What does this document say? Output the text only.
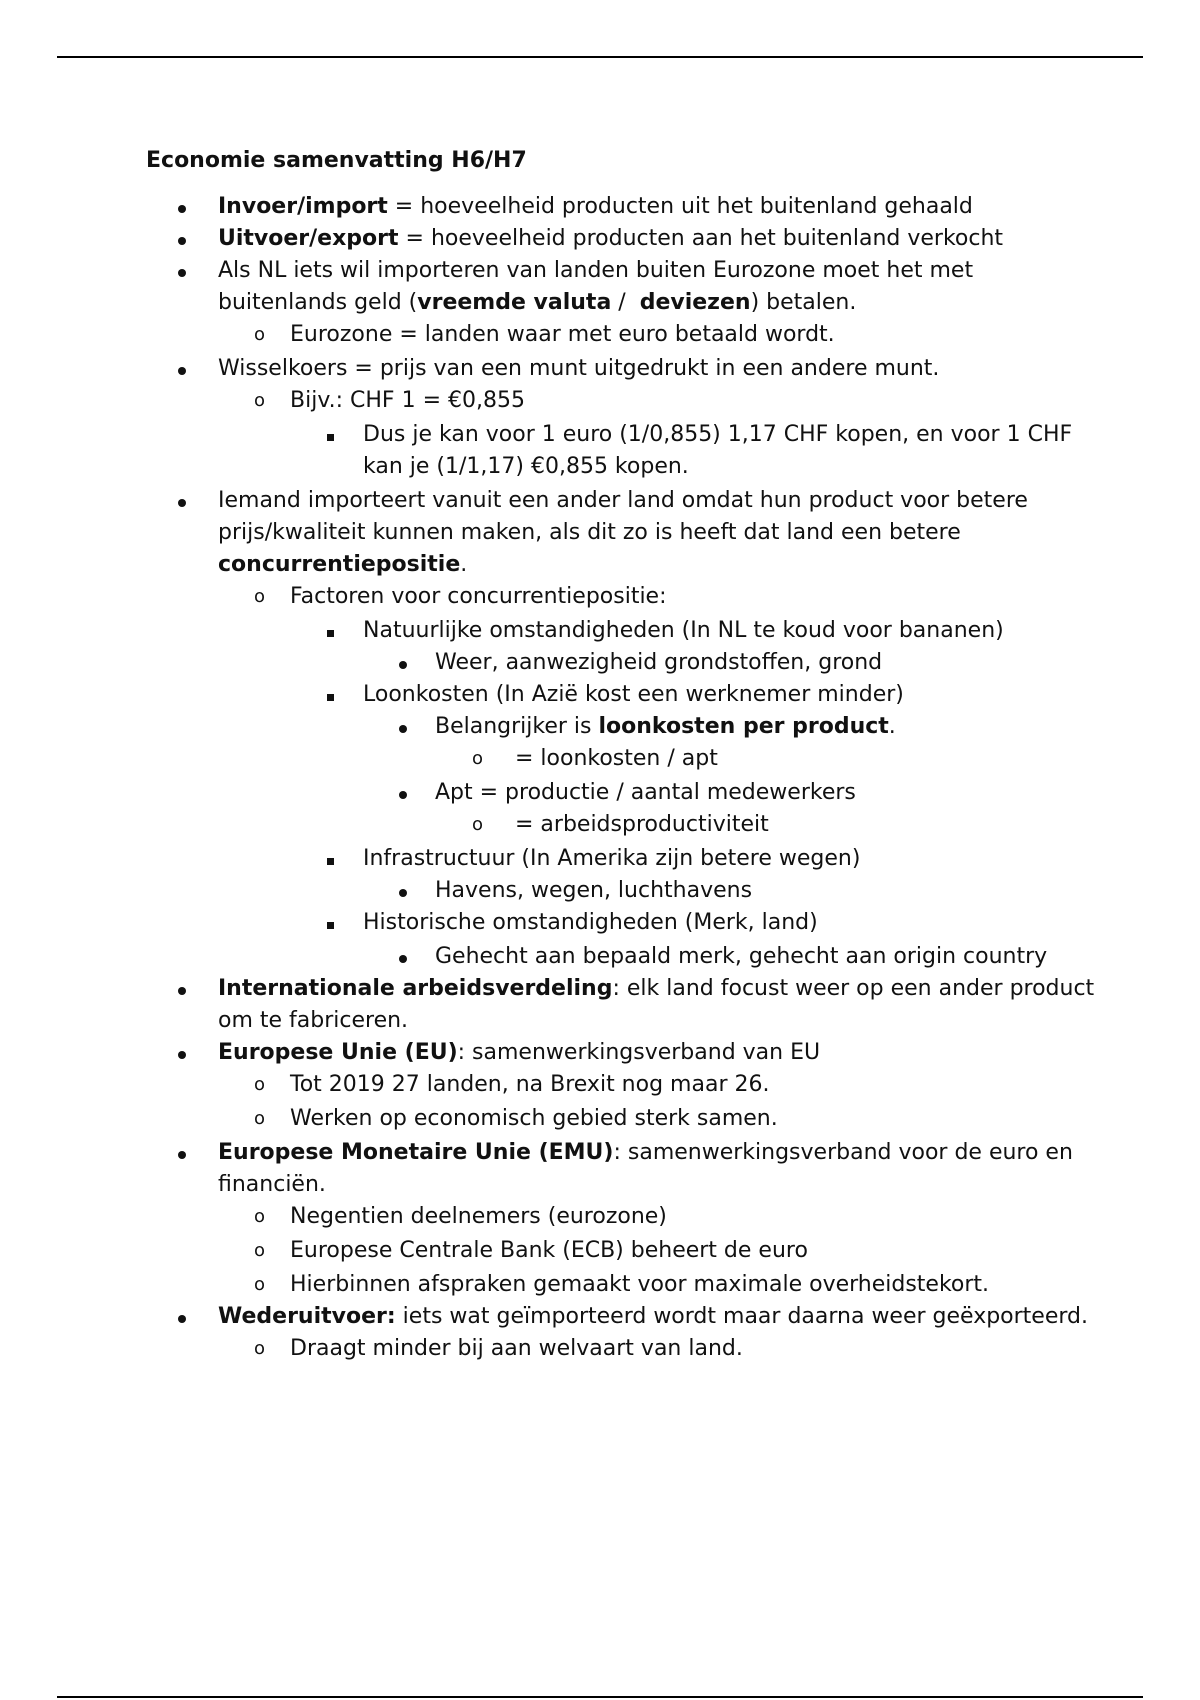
Economie samenvatting H6/H7
Invoer/import = hoeveelheid producten uit het buitenland gehaald
Uitvoer/export = hoeveelheid producten aan het buitenland verkocht
Als NL iets wil importeren van landen buiten Eurozone moet het met buitenlands geld (vreemde valuta /  deviezen) betalen.
o Eurozone = landen waar met euro betaald wordt.
Wisselkoers = prijs van een munt uitgedrukt in een andere munt.
o Bijv.: CHF 1 = €0,855
Dus je kan voor 1 euro (1/0,855) 1,17 CHF kopen, en voor 1 CHF kan je (1/1,17) €0,855 kopen.
Iemand importeert vanuit een ander land omdat hun product voor betere prijs/kwaliteit kunnen maken, als dit zo is heeft dat land een betere concurrentiepositie.
o Factoren voor concurrentiepositie:
Natuurlijke omstandigheden (In NL te koud voor bananen)
Weer, aanwezigheid grondstoffen, grond
Loonkosten (In Azië kost een werknemer minder)
Belangrijker is loonkosten per product.
o = loonkosten / apt
Apt = productie / aantal medewerkers
o = arbeidsproductiviteit
Infrastructuur (In Amerika zijn betere wegen)
Havens, wegen, luchthavens
Historische omstandigheden (Merk, land)
Gehecht aan bepaald merk, gehecht aan origin country
Internationale arbeidsverdeling: elk land focust weer op een ander product om te fabriceren.
Europese Unie (EU): samenwerkingsverband van EU
o Tot 2019 27 landen, na Brexit nog maar 26.
o Werken op economisch gebied sterk samen.
Europese Monetaire Unie (EMU): samenwerkingsverband voor de euro en financiën.
o Negentien deelnemers (eurozone)
o Europese Centrale Bank (ECB) beheert de euro
o Hierbinnen afspraken gemaakt voor maximale overheidstekort.
Wederuitvoer: iets wat geïmporteerd wordt maar daarna weer geëxporteerd.
o Draagt minder bij aan welvaart van land.
